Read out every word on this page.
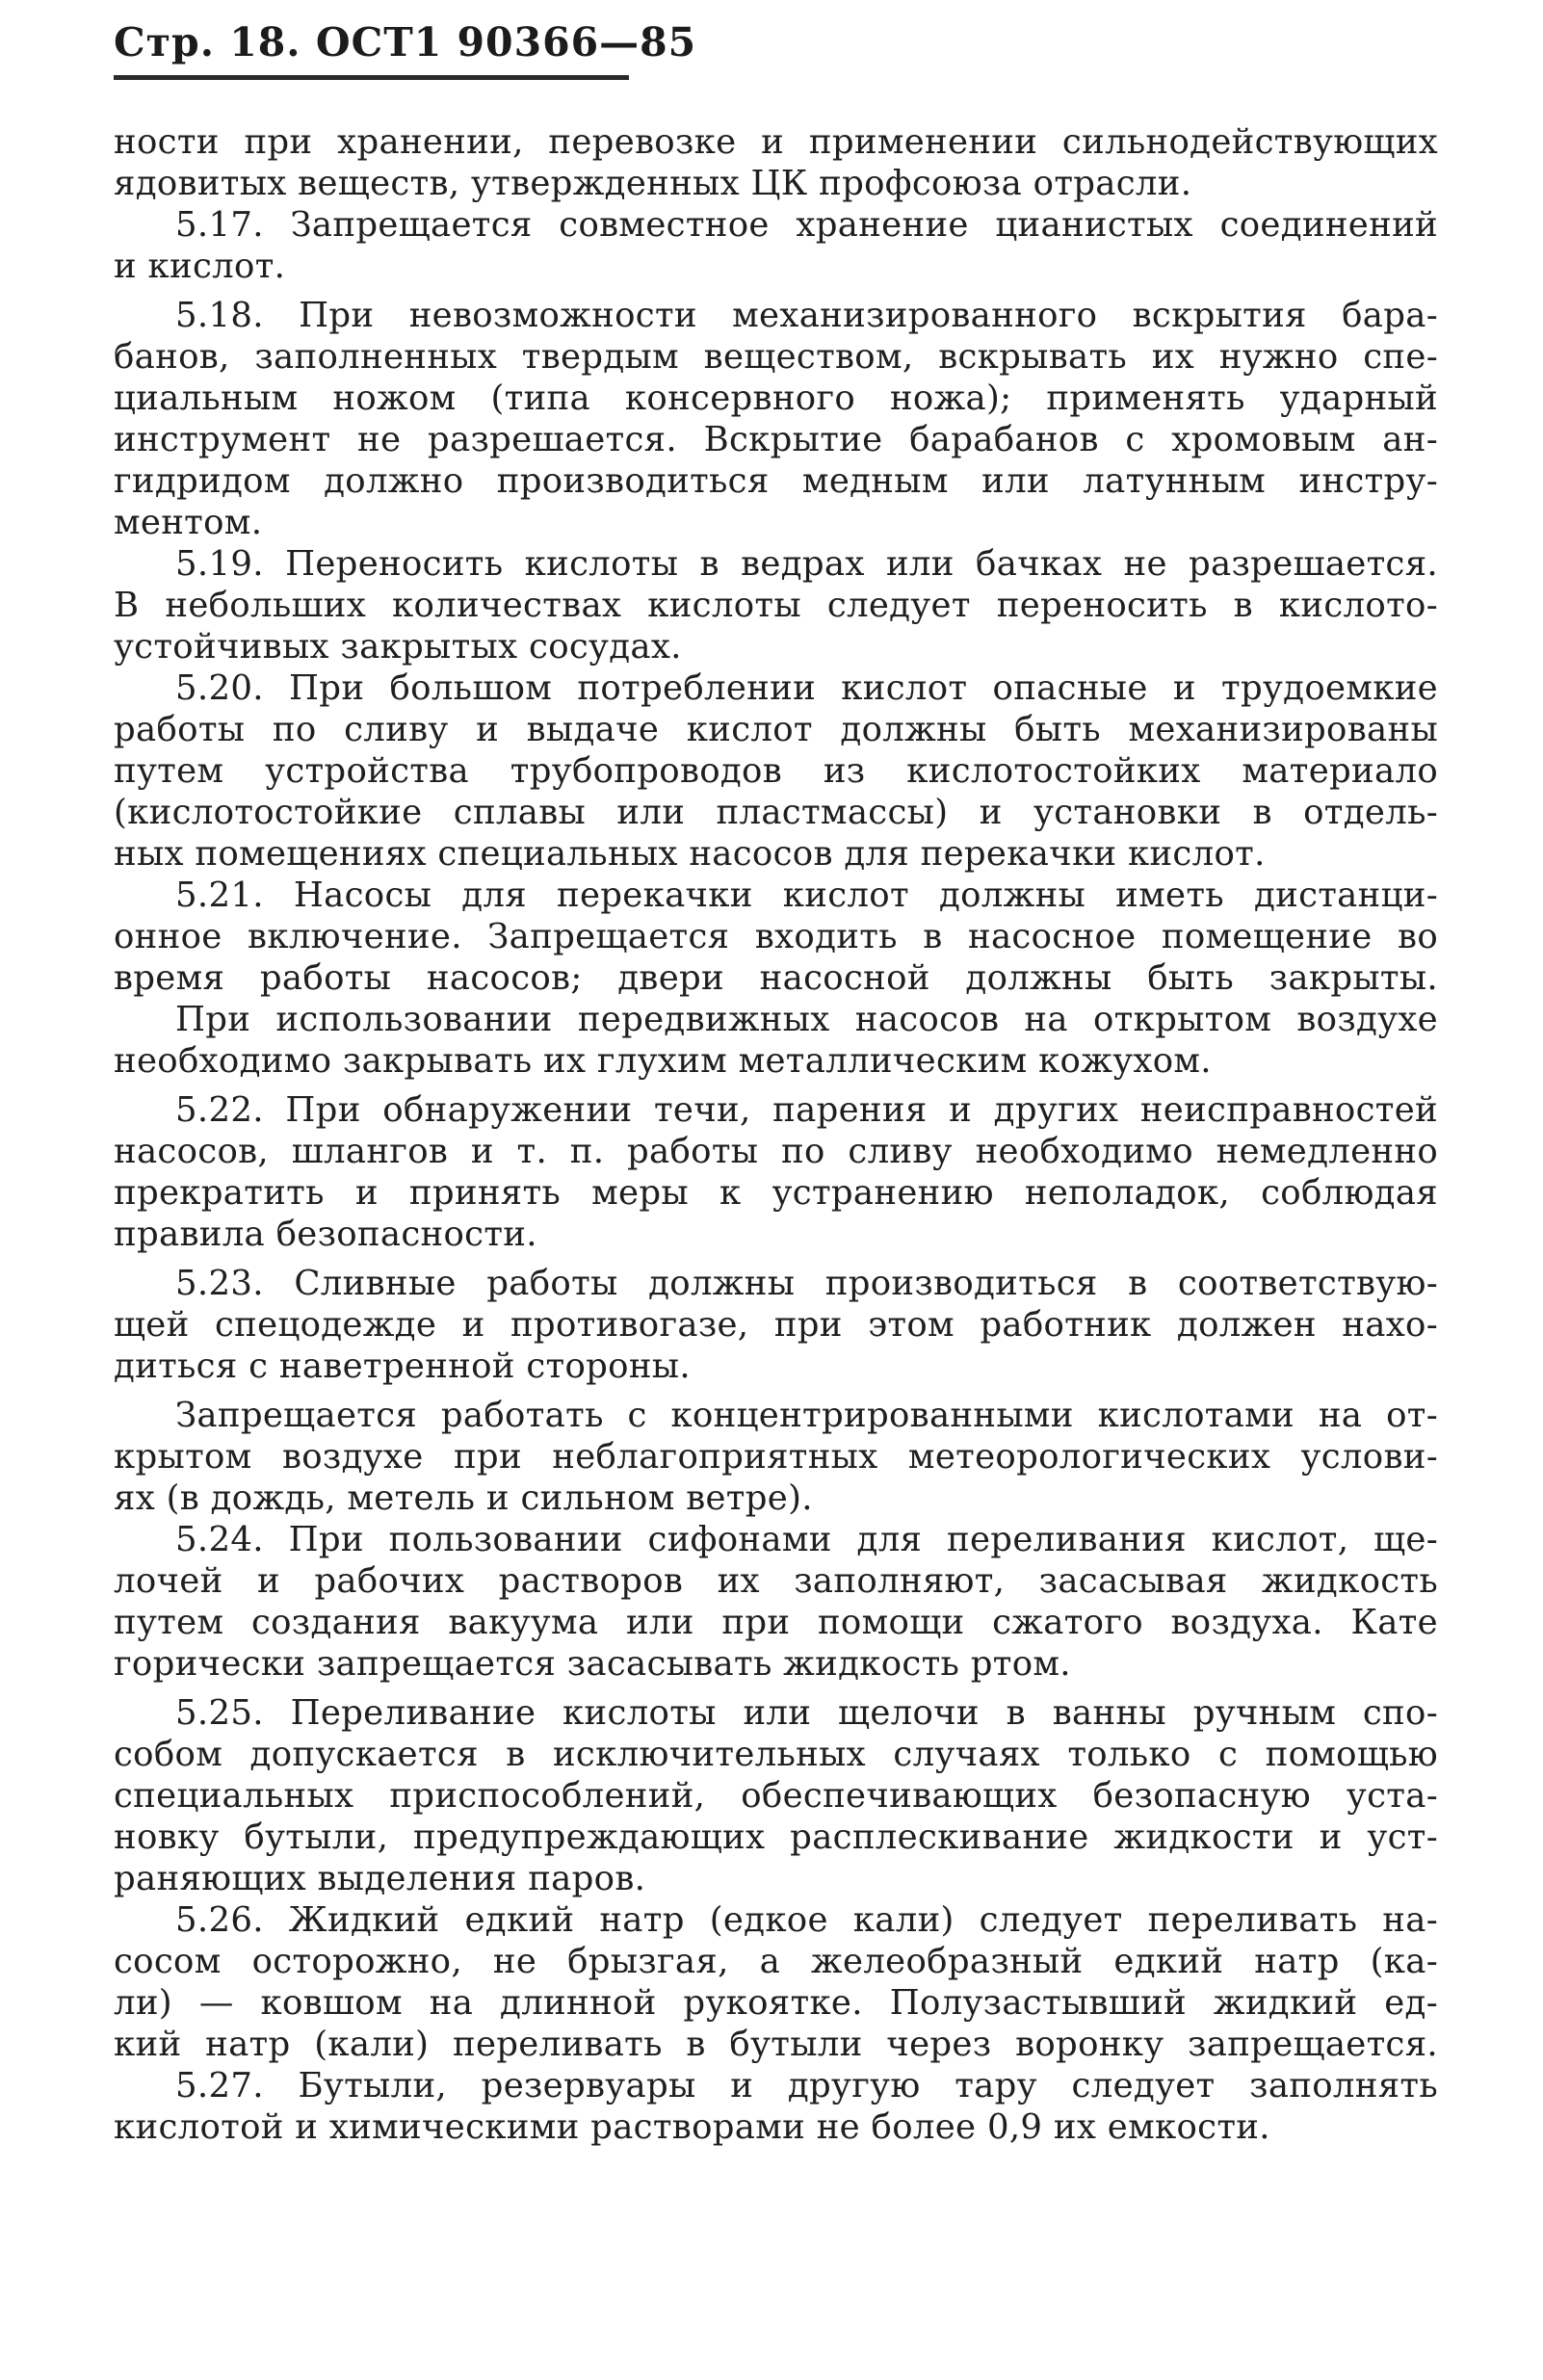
Стр. 18. ОСТ1 90366—85
ности при хранении, перевозке и применении сильнодействующих
ядовитых веществ, утвержденных ЦК профсоюза отрасли.
5.17. Запрещается совместное хранение цианистых соединений
и кислот.
5.18. При невозможности механизированного вскрытия бара-
банов, заполненных твердым веществом, вскрывать их нужно спе-
циальным ножом (типа консервного ножа); применять ударный
инструмент не разрешается. Вскрытие барабанов с хромовым ан-
гидридом должно производиться медным или латунным инстру-
ментом.
5.19. Переносить кислоты в ведрах или бачках не разрешается.
В небольших количествах кислоты следует переносить в кислото-
устойчивых закрытых сосудах.
5.20. При большом потреблении кислот опасные и трудоемкие
работы по сливу и выдаче кислот должны быть механизированы
путем устройства трубопроводов из кислотостойких материало
(кислотостойкие сплавы или пластмассы) и установки в отдель-
ных помещениях специальных насосов для перекачки кислот.
5.21. Насосы для перекачки кислот должны иметь дистанци-
онное включение. Запрещается входить в насосное помещение во
время работы насосов; двери насосной должны быть закрыты.
При использовании передвижных насосов на открытом воздухе
необходимо закрывать их глухим металлическим кожухом.
5.22. При обнаружении течи, парения и других неисправностей
насосов, шлангов и т. п. работы по сливу необходимо немедленно
прекратить и принять меры к устранению неполадок, соблюдая
правила безопасности.
5.23. Сливные работы должны производиться в соответствую-
щей спецодежде и противогазе, при этом работник должен нахо-
диться с наветренной стороны.
Запрещается работать с концентрированными кислотами на от-
крытом воздухе при неблагоприятных метеорологических услови-
ях (в дождь, метель и сильном ветре).
5.24. При пользовании сифонами для переливания кислот, ще-
лочей и рабочих растворов их заполняют, засасывая жидкость
путем создания вакуума или при помощи сжатого воздуха. Кате
горически запрещается засасывать жидкость ртом.
5.25. Переливание кислоты или щелочи в ванны ручным спо-
собом допускается в исключительных случаях только с помощью
специальных приспособлений, обеспечивающих безопасную уста-
новку бутыли, предупреждающих расплескивание жидкости и уст-
раняющих выделения паров.
5.26. Жидкий едкий натр (едкое кали) следует переливать на-
сосом осторожно, не брызгая, а желеобразный едкий натр (ка-
ли) — ковшом на длинной рукоятке. Полузастывший жидкий ед-
кий натр (кали) переливать в бутыли через воронку запрещается.
5.27. Бутыли, резервуары и другую тару следует заполнять
кислотой и химическими растворами не более 0,9 их емкости.
